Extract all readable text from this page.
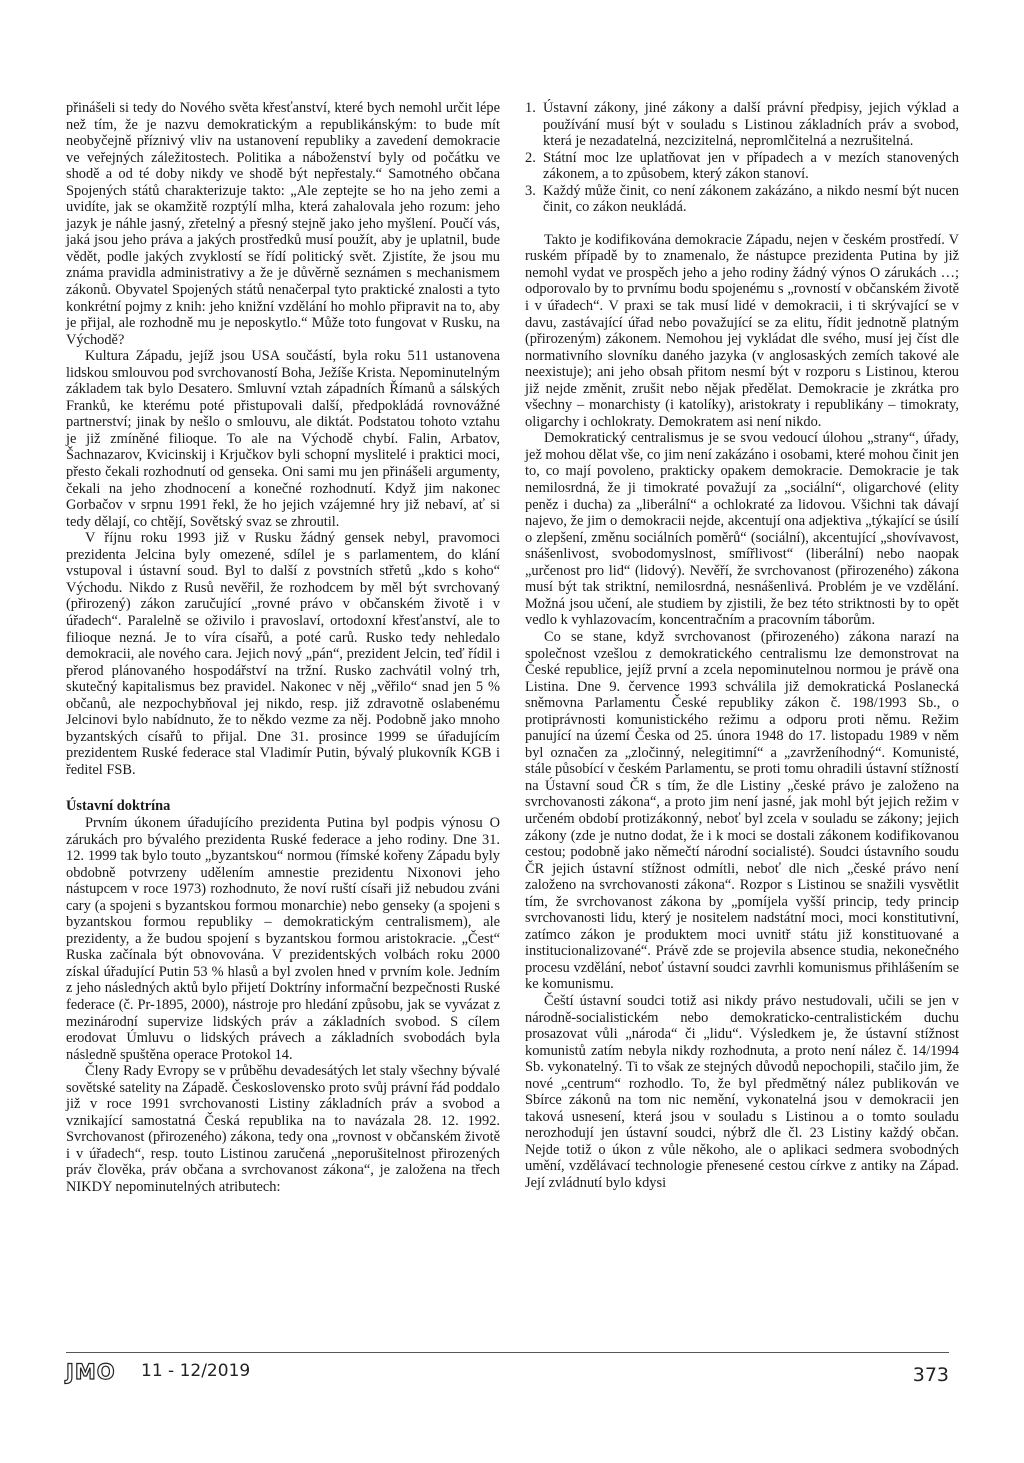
přinášeli si tedy do Nového světa křesťanství, které bych nemohl určit lépe než tím, že je nazvu demokratickým a republikánským: to bude mít neobyčejně příznivý vliv na ustanovení republiky a zavedení demokracie ve veřejných záležitostech. Politika a náboženství byly od počátku ve shodě a od té doby nikdy ve shodě být nepřestaly.“ Samotného občana Spojených států charakterizuje takto: „Ale zeptejte se ho na jeho zemi a uvidíte, jak se okamžitě rozptýlí mlha, která zahalovala jeho rozum: jeho jazyk je náhle jasný, zřetelný a přesný stejně jako jeho myšlení. Poučí vás, jaká jsou jeho práva a jakých prostředků musí použít, aby je uplatnil, bude vědět, podle jakých zvyklostí se řídí politický svět. Zjistíte, že jsou mu známa pravidla administrativy a že je důvěrně seznámen s mechanismem zákonů. Obyvatel Spojených států nenačerpal tyto praktické znalosti a tyto konkrétní pojmy z knih: jeho knižní vzdělání ho mohlo připravit na to, aby je přijal, ale rozhodně mu je neposkytlo.“ Může toto fungovat v Rusku, na Východě?

Kultura Západu, jejíž jsou USA součástí, byla roku 511 ustanovena lidskou smlouvou pod svrchovaností Boha, Ježíše Krista. Nepominutelným základem tak bylo Desatero. Smluvní vztah západních Římanů a sálských Franků, ke kterému poté přistupovali další, předpokládá rovnovážné partnerství; jinak by nešlo o smlouvu, ale diktát. Podstatou tohoto vztahu je již zmíněné filioque. To ale na Východě chybí. Falin, Arbatov, Šachnazarov, Kvicinskij i Krjučkov byli schopní myslitelé i praktici moci, přesto čekali rozhodnutí od genseka. Oni sami mu jen přinášeli argumenty, čekali na jeho zhodnocení a konečné rozhodnutí. Když jim nakonec Gorbačov v srpnu 1991 řekl, že ho jejich vzájemné hry již nebaví, ať si tedy dělají, co chtějí, Sovětský svaz se zhroutil.

V říjnu roku 1993 již v Rusku žádný gensek nebyl, pravomoci prezidenta Jelcina byly omezené, sdílel je s parlamentem, do klání vstupoval i ústavní soud. Byl to další z povstních střetů „kdo s koho“ Východu. Nikdo z Rusů nevěřil, že rozhodcem by měl být svrchovaný (přirozený) zákon zaručující „rovné právo v občanském životě i v úřadech“. Paralelně se oživilo i pravoslaví, ortodoxní křesťanství, ale to filioque nezná. Je to víra císařů, a poté carů. Rusko tedy nehledalo demokracii, ale nového cara. Jejich nový „pán“, prezident Jelcin, teď řídil i přerod plánovaného hospodářství na tržní. Rusko zachvátil volný trh, skutečný kapitalismus bez pravidel. Nakonec v něj „věřilo“ snad jen 5 % občanů, ale nezpochybňoval jej nikdo, resp. již zdravotně oslabenému Jelcinovi bylo nabídnuto, že to někdo vezme za něj. Podobně jako mnoho byzantských císařů to přijal. Dne 31. prosince 1999 se úřadujícím prezidentem Ruské federace stal Vladimír Putin, bývalý plukovník KGB i ředitel FSB.

Ústavní doktrína

Prvním úkonem úřadujícího prezidenta Putina byl podpis výnosu O zárukách pro bývalého prezidenta Ruské federace a jeho rodiny. Dne 31. 12. 1999 tak bylo touto „byzantskou“ normou (římské kořeny Západu byly obdobně potvrzeny udělením amnestie prezidentu Nixonovi jeho nástupcem v roce 1973) rozhodnuto, že noví ruští císaři již nebudou zváni cary (a spojeni s byzantskou formou monarchie) nebo genseky (a spojeni s byzantskou formou republiky – demokratickým centralismem), ale prezidenty, a že budou spojení s byzantskou formou aristokracie. „Čest“ Ruska začínala být obnovována. V prezidentských volbách roku 2000 získal úřadující Putin 53 % hlasů a byl zvolen hned v prvním kole. Jedním z jeho následných aktů bylo přijetí Doktríny informační bezpečnosti Ruské federace (č. Pr-1895, 2000), nástroje pro hledání způsobu, jak se vyvázat z mezinárodní supervize lidských práv a základních svobod. S cílem erodovat Úmluvu o lidských právech a základních svobodách byla následně spuštěna operace Protokol 14.

Členy Rady Evropy se v průběhu devadesátých let staly všechny bývalé sovětské satelity na Západě. Československo proto svůj právní řád poddalo již v roce 1991 svrchovanosti Listiny základních práv a svobod a vznikající samostatná Česká republika na to navázala 28. 12. 1992. Svrchovanost (přirozeného) zákona, tedy ona „rovnost v občanském životě i v úřadech“, resp. touto Listinou zaručená „neporušitelnost přirozených práv člověka, práv občana a svrchovanost zákona“, je založena na třech NIKDY nepominutelných atributech:

1. Ústavní zákony, jiné zákony a další právní předpisy, jejich výklad a používání musí být v souladu s Listinou základních práv a svobod, která je nezadatelná, nezcizitelná, nepromlčitelná a nezrušitelná.
2. Státní moc lze uplatňovat jen v případech a v mezích stanovených zákonem, a to způsobem, který zákon stanoví.
3. Každý může činit, co není zákonem zakázáno, a nikdo nesmí být nucen činit, co zákon neukládá.

Takto je kodifikována demokracie Západu, nejen v českém prostředí. V ruském případě by to znamenalo, že nástupce prezidenta Putina by již nemohl vydat ve prospěch jeho a jeho rodiny žádný výnos O zárukách …; odporovalo by to prvnímu bodu spojenému s „rovností v občanském životě i v úřadech“. V praxi se tak musí lidé v demokracii, i ti skrývající se v davu, zastávající úřad nebo považující se za elitu, řídit jednotně platným (přirozeným) zákonem. Nemohou jej vykládat dle svého, musí jej číst dle normativního slovníku daného jazyka (v anglosaských zemích takové ale neexistuje); ani jeho obsah přitom nesmí být v rozporu s Listinou, kterou již nejde změnit, zrušit nebo nějak předělat. Demokracie je zkrátka pro všechny – monarchisty (i katolíky), aristokraty i republikány – timokraty, oligarchy i ochlokraty. Demokratem asi není nikdo.

Demokratický centralismus je se svou vedoucí úlohou „strany“, úřady, jež mohou dělat vše, co jim není zakázáno i osobami, které mohou činit jen to, co mají povoleno, prakticky opakem demokracie. Demokracie je tak nemilosrdná, že ji timokraté považují za „sociální“, oligarchové (elity peněz i ducha) za „liberální“ a ochlokraté za lidovou. Všichni tak dávají najevo, že jim o demokracii nejde, akcentují ona adjektiva „týkající se úsilí o zlepšení, změnu sociálních poměrů“ (sociální), akcentující „shovívavost, snášenlivost, svobodomyslnost, smířlivost“ (liberální) nebo naopak „určenost pro lid“ (lidový). Nevěří, že svrchovanost (přirozeného) zákona musí být tak striktní, nemilosrdná, nesnášenlivá. Problém je ve vzdělání. Možná jsou učení, ale studiem by zjistili, že bez této striktnosti by to opět vedlo k vyhlazovacím, koncentračním a pracovním táborům.

Co se stane, když svrchovanost (přirozeného) zákona narazí na společnost vzešlou z demokratického centralismu lze demonstrovat na České republice, jejíž první a zcela nepominutelnou normou je právě ona Listina. Dne 9. července 1993 schválila již demokratická Poslanecká sněmovna Parlamentu České republiky zákon č. 198/1993 Sb., o protiprávnosti komunistického režimu a odporu proti němu. Režim panující na území Česka od 25. února 1948 do 17. listopadu 1989 v něm byl označen za „zločinný, nelegitimní“ a „zavrženíhodný“. Komunisté, stále působící v českém Parlamentu, se proti tomu ohradili ústavní stížností na Ústavní soud ČR s tím, že dle Listiny „české právo je založeno na svrchovanosti zákona“, a proto jim není jasné, jak mohl být jejich režim v určeném období protizákonný, neboť byl zcela v souladu se zákony; jejich zákony (zde je nutno dodat, že i k moci se dostali zákonem kodifikovanou cestou; podobně jako němečtí národní socialisté). Soudci ústavního soudu ČR jejich ústavní stížnost odmítli, neboť dle nich „české právo není založeno na svrchovanosti zákona“. Rozpor s Listinou se snažili vysvětlit tím, že svrchovanost zákona by „pomíjela vyšší princip, tedy princip svrchovanosti lidu, který je nositelem nadstátní moci, moci konstitutivní, zatímco zákon je produktem moci uvnitř státu již konstituované a institucionalizované“. Právě zde se projevila absence studia, nekonečného procesu vzdělání, neboť ústavní soudci zavrhli komunismus přihlášením se ke komunismu.

Čeští ústavní soudci totiž asi nikdy právo nestudovali, učili se jen v národně-socialistickém nebo demokraticko-centralistickém duchu prosazovat vůli „národa“ či „lidu“. Výsledkem je, že ústavní stížnost komunistů zatím nebyla nikdy rozhodnuta, a proto není nález č. 14/1994 Sb. vykonatelný. Ti to však ze stejných důvodů nepochopili, stačilo jim, že nové „centrum“ rozhodlo. To, že byl předmětný nález publikován ve Sbírce zákonů na tom nic nemění, vykonatelná jsou v demokracii jen taková usnesení, která jsou v souladu s Listinou a o tomto souladu nerozhodují jen ústavní soudci, nýbrž dle čl. 23 Listiny každý občan. Nejde totiž o úkon z vůle někoho, ale o aplikaci sedmera svobodných umění, vzdělávací technologie přenesené cestou církve z antiky na Západ. Její zvládnutí bylo kdysi

JMO 11 - 12/2019	373
